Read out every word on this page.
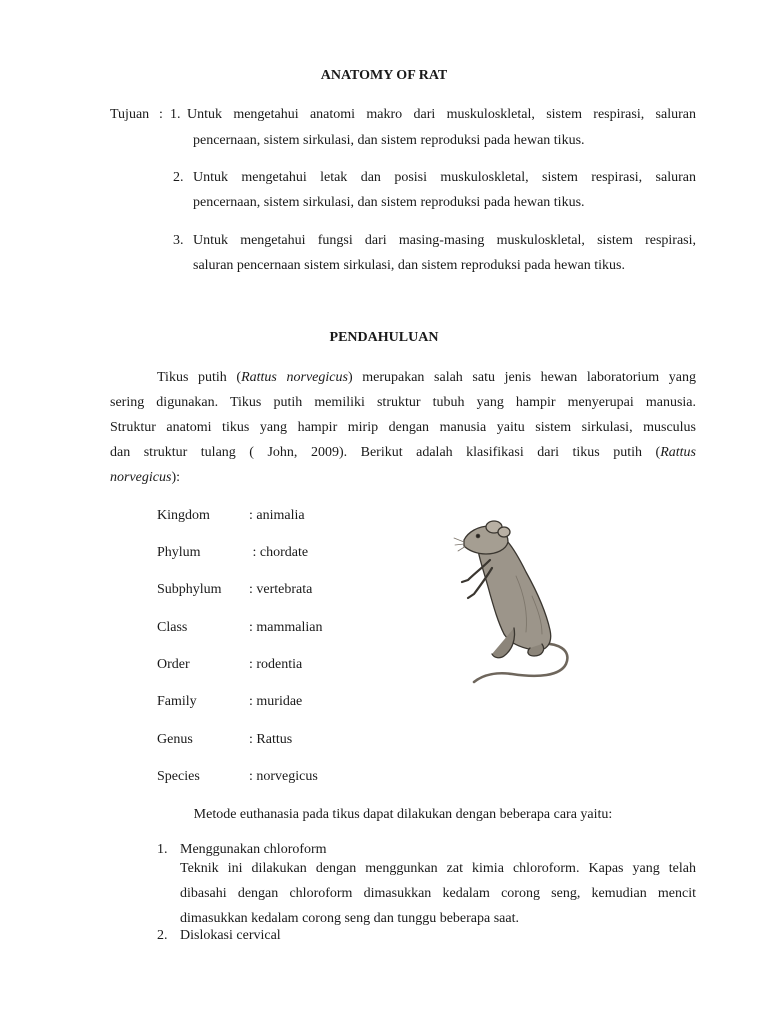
ANATOMY OF RAT
Tujuan : 1. Untuk mengetahui anatomi makro dari muskuloskletal, sistem respirasi, saluran
pencernaan, sistem sirkulasi, dan sistem reproduksi pada hewan tikus.
2. Untuk mengetahui letak dan posisi muskuloskletal, sistem respirasi, saluran
pencernaan, sistem sirkulasi, dan sistem reproduksi pada hewan tikus.
3. Untuk mengetahui fungsi dari masing-masing muskuloskletal, sistem respirasi,
saluran pencernaan sistem sirkulasi, dan sistem reproduksi pada hewan tikus.
PENDAHULUAN
Tikus putih (Rattus norvegicus) merupakan salah satu jenis hewan laboratorium yang
sering digunakan. Tikus putih memiliki struktur tubuh yang hampir menyerupai manusia.
Struktur anatomi tikus yang hampir mirip dengan manusia yaitu sistem sirkulasi, musculus
dan struktur tulang ( John, 2009). Berikut adalah klasifikasi dari tikus putih (Rattus
norvegicus):
Kingdom	: animalia
Phylum	: chordate
Subphylum	: vertebrata
Class	: mammalian
Order	: rodentia
Family	: muridae
Genus	: Rattus
Species	: norvegicus
Metode euthanasia pada tikus dapat dilakukan dengan beberapa cara yaitu:
1. Menggunakan chloroform
Teknik ini dilakukan dengan menggunkan zat kimia chloroform. Kapas yang telah
dibasahi dengan chloroform dimasukkan kedalam corong seng, kemudian mencit
dimasukkan kedalam corong seng dan tunggu beberapa saat.
2. Dislokasi cervical
